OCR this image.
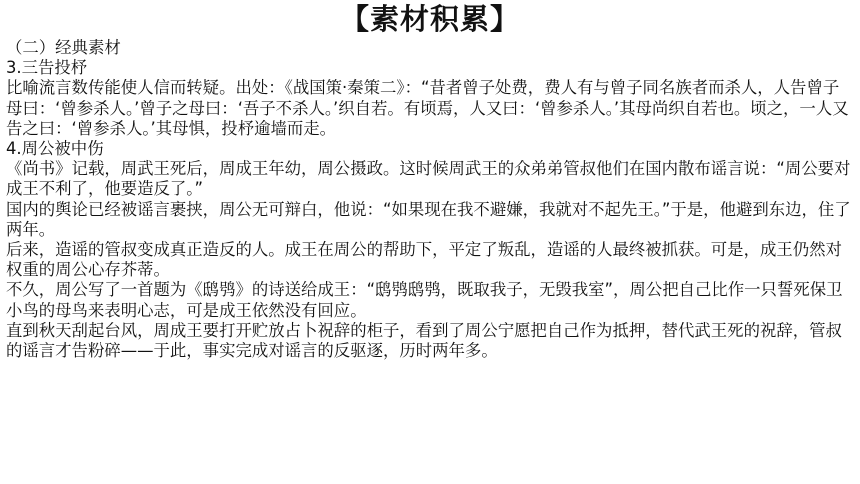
【素材积累】

（二）经典素材

3.三告投杼

比喻流言数传能使人信而转疑。出处：《战国策·秦策二》：“昔者曾子处费，费人有与曾子同名族者而杀人，人告曾子母曰：‘曾参杀人。’曾子之母曰：‘吾子不杀人。’织自若。有顷焉，人又曰：‘曾参杀人。’其母尚织自若也。顷之，一人又告之曰：‘曾参杀人。’其母惧，投杼逾墙而走。

4.周公被中伤

《尚书》记载，周武王死后，周成王年幼，周公摄政。这时候周武王的众弟弟管叔他们在国内散布谣言说：“周公要对成王不利了，他要造反了。”

国内的舆论已经被谣言裹挟，周公无可辩白，他说：“如果现在我不避嫌，我就对不起先王。”于是，他避到东边，住了两年。

后来，造谣的管叔变成真正造反的人。成王在周公的帮助下，平定了叛乱，造谣的人最终被抓获。可是，成王仍然对权重的周公心存芥蒂。

不久，周公写了一首题为《鸱鸮》的诗送给成王：“鸱鸮鸱鸮，既取我子，无毁我室”，周公把自己比作一只誓死保卫小鸟的母鸟来表明心志，可是成王依然没有回应。

直到秋天刮起台风，周成王要打开贮放占卜祝辞的柜子，看到了周公宁愿把自己作为抵押，替代武王死的祝辞，管叔的谣言才告粉碎——于此，事实完成对谣言的反驱逐，历时两年多。
